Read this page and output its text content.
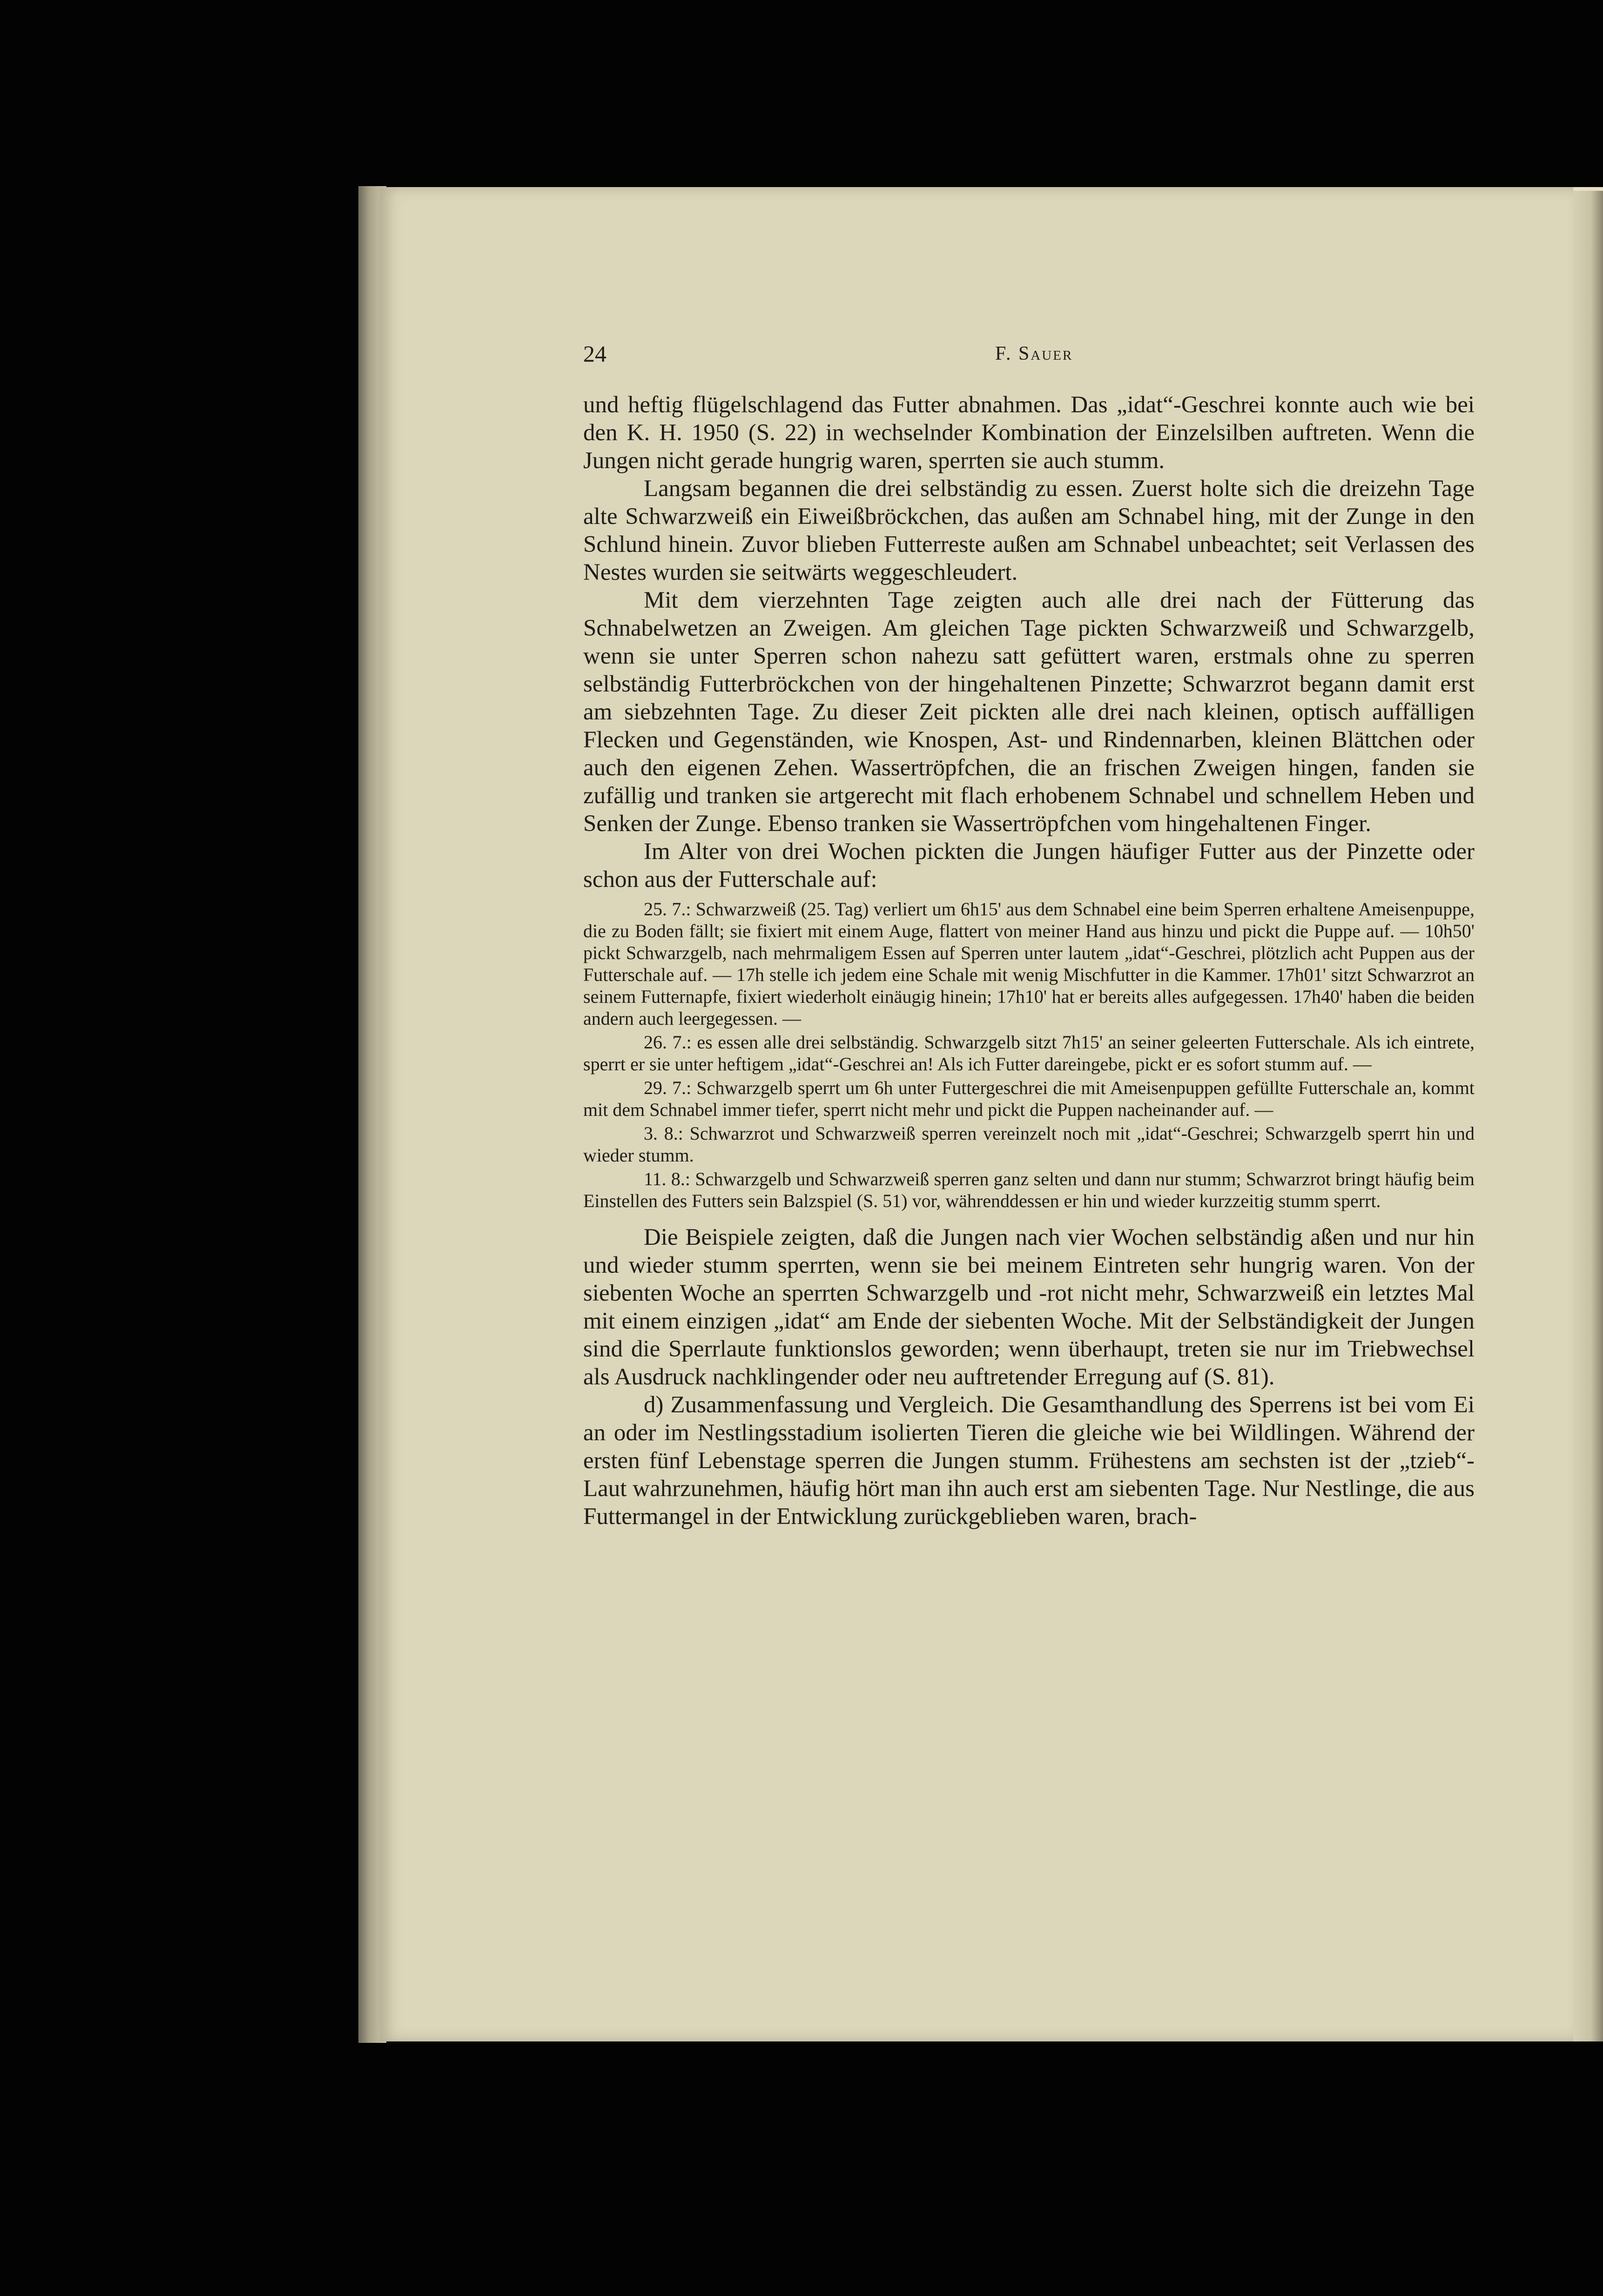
24	F. Sauer

und heftig flügelschlagend das Futter abnahmen. Das „idat“-Geschrei konnte auch wie bei den K. H. 1950 (S. 22) in wechselnder Kombination der Einzelsilben auftreten. Wenn die Jungen nicht gerade hungrig waren, sperrten sie auch stumm.

Langsam begannen die drei selbständig zu essen. Zuerst holte sich die dreizehn Tage alte Schwarzweiß ein Eiweißbröckchen, das außen am Schnabel hing, mit der Zunge in den Schlund hinein. Zuvor blieben Futterreste außen am Schnabel unbeachtet; seit Verlassen des Nestes wurden sie seitwärts weggeschleudert.

Mit dem vierzehnten Tage zeigten auch alle drei nach der Fütterung das Schnabelwetzen an Zweigen. Am gleichen Tage pickten Schwarzweiß und Schwarzgelb, wenn sie unter Sperren schon nahezu satt gefüttert waren, erstmals ohne zu sperren selbständig Futterbröckchen von der hingehaltenen Pinzette; Schwarzrot begann damit erst am siebzehnten Tage. Zu dieser Zeit pickten alle drei nach kleinen, optisch auffälligen Flecken und Gegenständen, wie Knospen, Ast- und Rindennarben, kleinen Blättchen oder auch den eigenen Zehen. Wassertröpfchen, die an frischen Zweigen hingen, fanden sie zufällig und tranken sie artgerecht mit flach erhobenem Schnabel und schnellem Heben und Senken der Zunge. Ebenso tranken sie Wassertröpfchen vom hingehaltenen Finger.

Im Alter von drei Wochen pickten die Jungen häufiger Futter aus der Pinzette oder schon aus der Futterschale auf:

25. 7.: Schwarzweiß (25. Tag) verliert um 6h15' aus dem Schnabel eine beim Sperren erhaltene Ameisenpuppe, die zu Boden fällt; sie fixiert mit einem Auge, flattert von meiner Hand aus hinzu und pickt die Puppe auf. — 10h50' pickt Schwarzgelb, nach mehrmaligem Essen auf Sperren unter lautem „idat“-Geschrei, plötzlich acht Puppen aus der Futterschale auf. — 17h stelle ich jedem eine Schale mit wenig Mischfutter in die Kammer. 17h01' sitzt Schwarzrot an seinem Futternapfe, fixiert wiederholt einäugig hinein; 17h10' hat er bereits alles aufgegessen. 17h40' haben die beiden andern auch leergegessen. —

26. 7.: es essen alle drei selbständig. Schwarzgelb sitzt 7h15' an seiner geleerten Futterschale. Als ich eintrete, sperrt er sie unter heftigem „idat“-Geschrei an! Als ich Futter dareingebe, pickt er es sofort stumm auf. —

29. 7.: Schwarzgelb sperrt um 6h unter Futtergeschrei die mit Ameisenpuppen gefüllte Futterschale an, kommt mit dem Schnabel immer tiefer, sperrt nicht mehr und pickt die Puppen nacheinander auf. —

3. 8.: Schwarzrot und Schwarzweiß sperren vereinzelt noch mit „idat“-Geschrei; Schwarzgelb sperrt hin und wieder stumm.

11. 8.: Schwarzgelb und Schwarzweiß sperren ganz selten und dann nur stumm; Schwarzrot bringt häufig beim Einstellen des Futters sein Balzspiel (S. 51) vor, währenddessen er hin und wieder kurzzeitig stumm sperrt.

Die Beispiele zeigten, daß die Jungen nach vier Wochen selbständig aßen und nur hin und wieder stumm sperrten, wenn sie bei meinem Eintreten sehr hungrig waren. Von der siebenten Woche an sperrten Schwarzgelb und -rot nicht mehr, Schwarzweiß ein letztes Mal mit einem einzigen „idat“ am Ende der siebenten Woche. Mit der Selbständigkeit der Jungen sind die Sperrlaute funktionslos geworden; wenn überhaupt, treten sie nur im Triebwechsel als Ausdruck nachklingender oder neu auftretender Erregung auf (S. 81).

d) Zusammenfassung und Vergleich. Die Gesamthandlung des Sperrens ist bei vom Ei an oder im Nestlingsstadium isolierten Tieren die gleiche wie bei Wildlingen. Während der ersten fünf Lebenstage sperren die Jungen stumm. Frühestens am sechsten ist der „tzieb“-Laut wahrzunehmen, häufig hört man ihn auch erst am siebenten Tage. Nur Nestlinge, die aus Futtermangel in der Entwicklung zurückgeblieben waren, brach-
